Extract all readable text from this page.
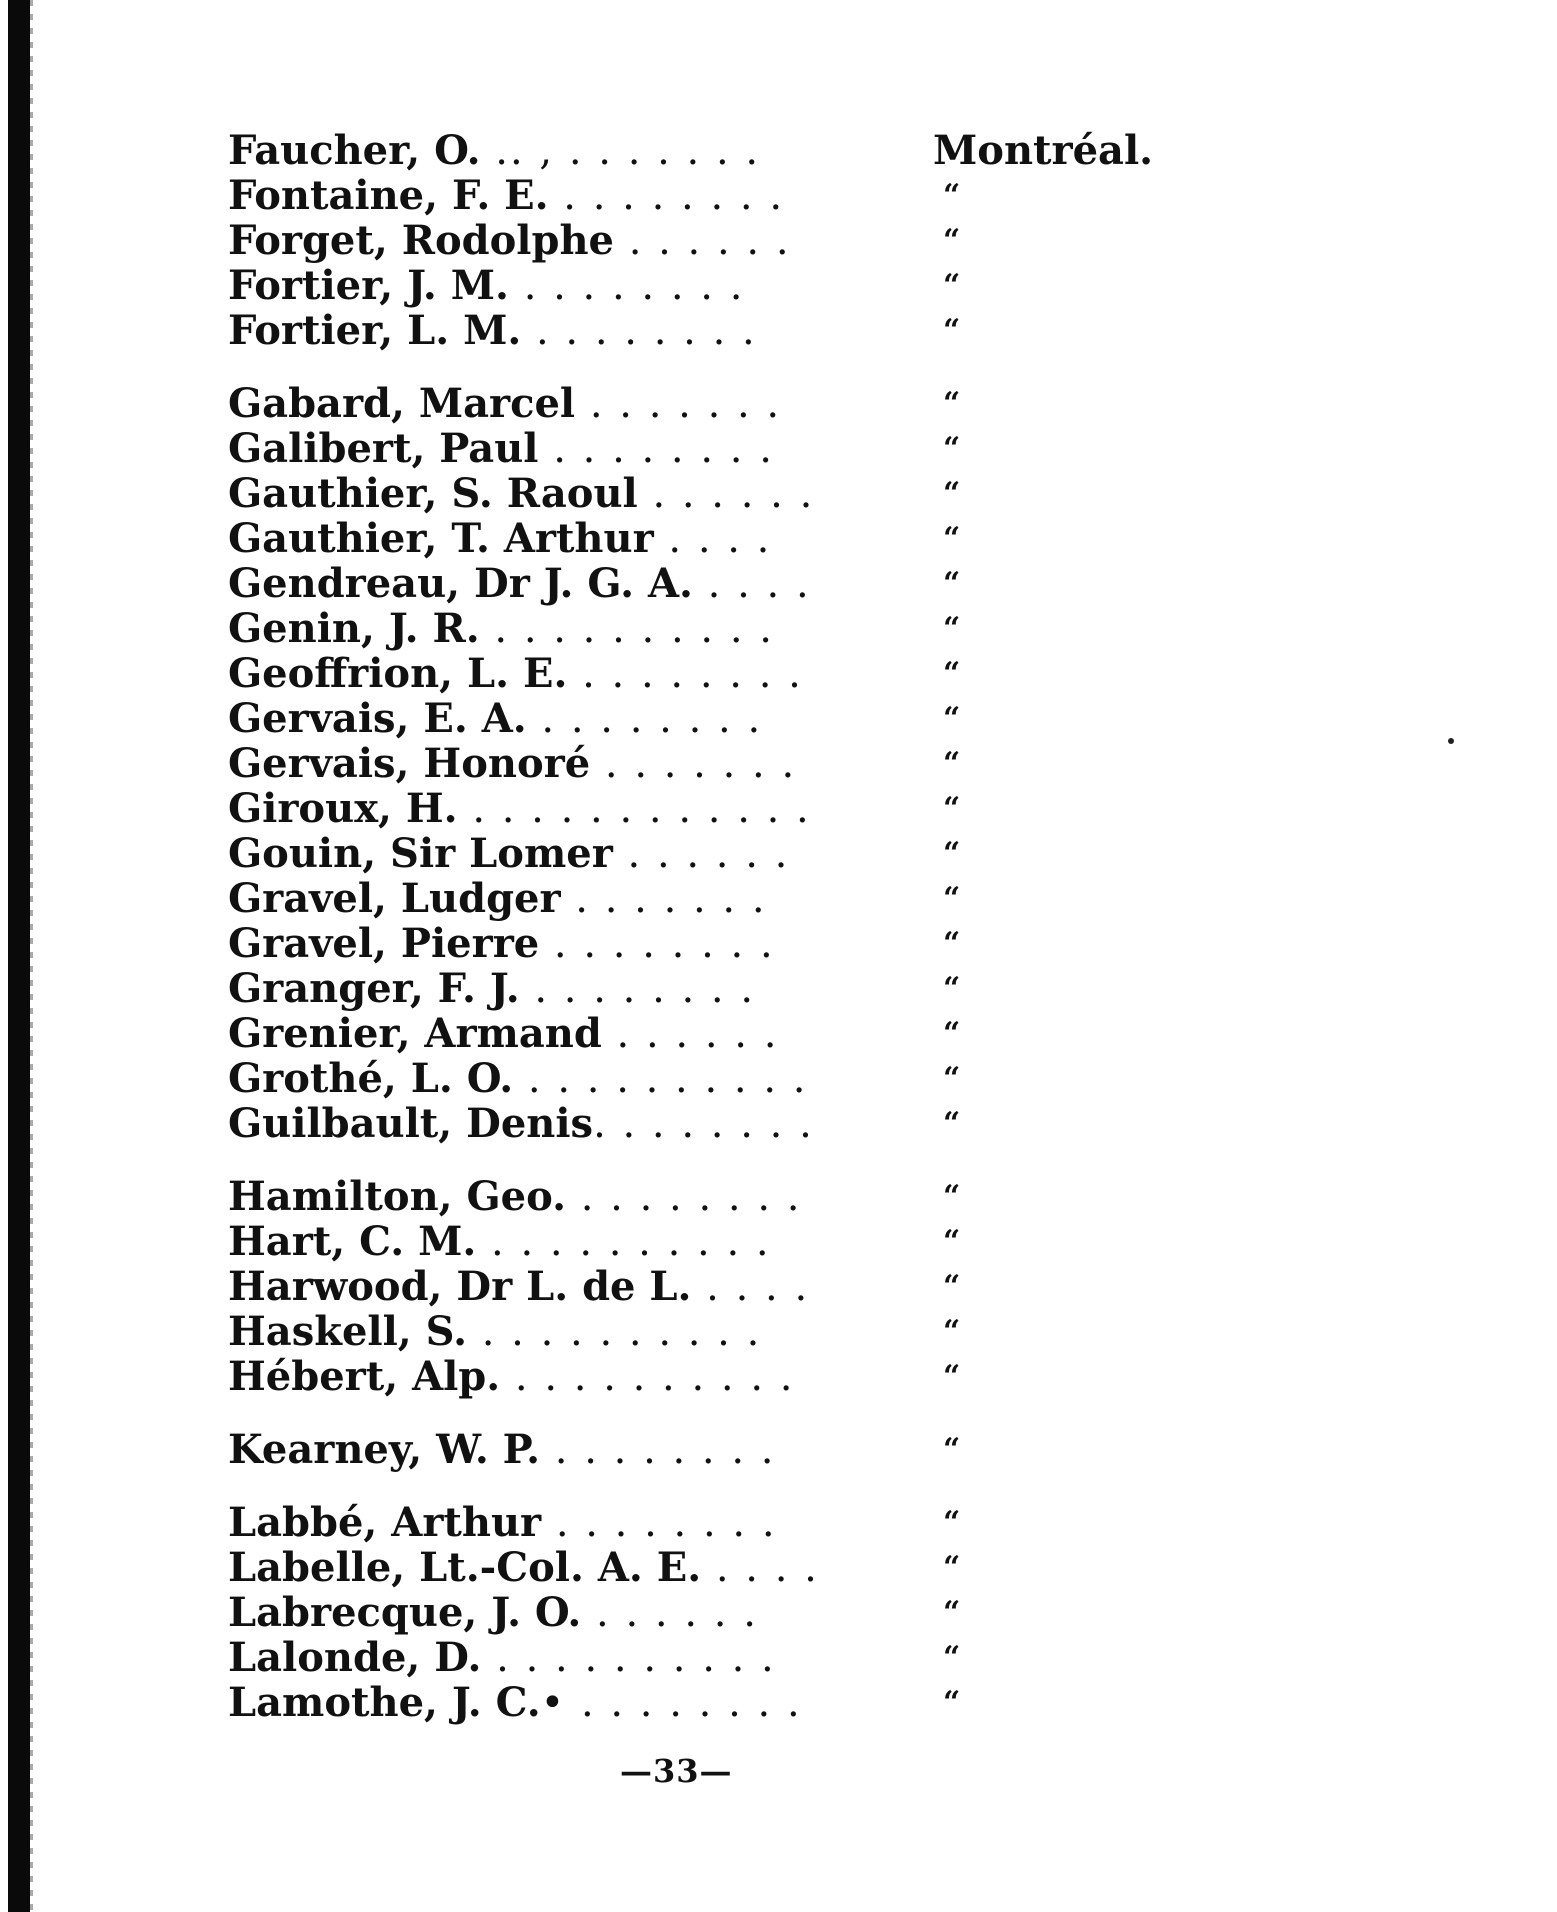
Faucher, O. .. , . . . . . . .	Montréal.
Fontaine, F. E. . . . . . . . .	“
Forget, Rodolphe . . . . . .	“
Fortier, J. M. . . . . . . . .	“
Fortier, L. M. . . . . . . . .	“
Gabard, Marcel . . . . . . .	“
Galibert, Paul . . . . . . . .	“
Gauthier, S. Raoul . . . . . .	“
Gauthier, T. Arthur . . . .	“
Gendreau, Dr J. G. A. . . . .	“
Genin, J. R. . . . . . . . . . .	“
Geoffrion, L. E. . . . . . . . .	“
Gervais, E. A. . . . . . . . .	“
Gervais, Honoré . . . . . . .	“
Giroux, H. . . . . . . . . . . . .	“
Gouin, Sir Lomer . . . . . .	“
Gravel, Ludger . . . . . . .	“
Gravel, Pierre . . . . . . . .	“
Granger, F. J. . . . . . . . .	“
Grenier, Armand . . . . . .	“
Grothé, L. O. . . . . . . . . . .	“
Guilbault, Denis. . . . . . . .	“
Hamilton, Geo. . . . . . . . .	“
Hart, C. M. . . . . . . . . . .	“
Harwood, Dr L. de L. . . . .	“
Haskell, S. . . . . . . . . . .	“
Hébert, Alp. . . . . . . . . . .	“
Kearney, W. P. . . . . . . . .	“
Labbé, Arthur . . . . . . . .	“
Labelle, Lt.-Col. A. E. . . . .	“
Labrecque, J. O. . . . . . .	“
Lalonde, D. . . . . . . . . . .	“
Lamothe, J. C.• . . . . . . . .	“
—33—
